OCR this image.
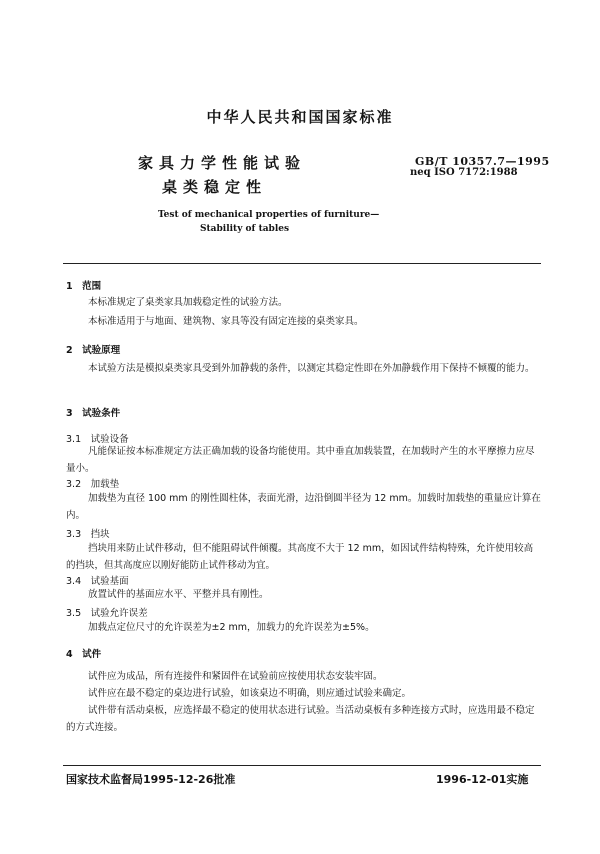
中华人民共和国国家标准
家具力学性能试验
桌类稳定性
GB/T 10357.7—1995
neq ISO 7172:1988
Test of mechanical properties of furniture—
Stability of tables
1　范围
本标准规定了桌类家具加载稳定性的试验方法。
本标准适用于与地面、建筑物、家具等没有固定连接的桌类家具。
2　试验原理
本试验方法是模拟桌类家具受到外加静载的条件，以测定其稳定性即在外加静载作用下保持不倾覆的能力。
3　试验条件
3.1　试验设备
凡能保证按本标准规定方法正确加载的设备均能使用。其中垂直加载装置，在加载时产生的水平摩擦力应尽量小。
3.2　加载垫
加载垫为直径 100 mm 的刚性圆柱体，表面光滑，边沿倒圆半径为 12 mm。加载时加载垫的重量应计算在内。
3.3　挡块
挡块用来防止试件移动，但不能阻碍试件倾覆。其高度不大于 12 mm，如因试件结构特殊，允许使用较高的挡块，但其高度应以刚好能防止试件移动为宜。
3.4　试验基面
放置试件的基面应水平、平整并具有刚性。
3.5　试验允许误差
加载点定位尺寸的允许误差为±2 mm，加载力的允许误差为±5%。
4　试件
试件应为成品，所有连接件和紧固件在试验前应按使用状态安装牢固。
试件应在最不稳定的桌边进行试验，如该桌边不明确，则应通过试验来确定。
试件带有活动桌板，应选择最不稳定的使用状态进行试验。当活动桌板有多种连接方式时，应选用最不稳定的方式连接。
国家技术监督局1995-12-26批准	1996-12-01实施
